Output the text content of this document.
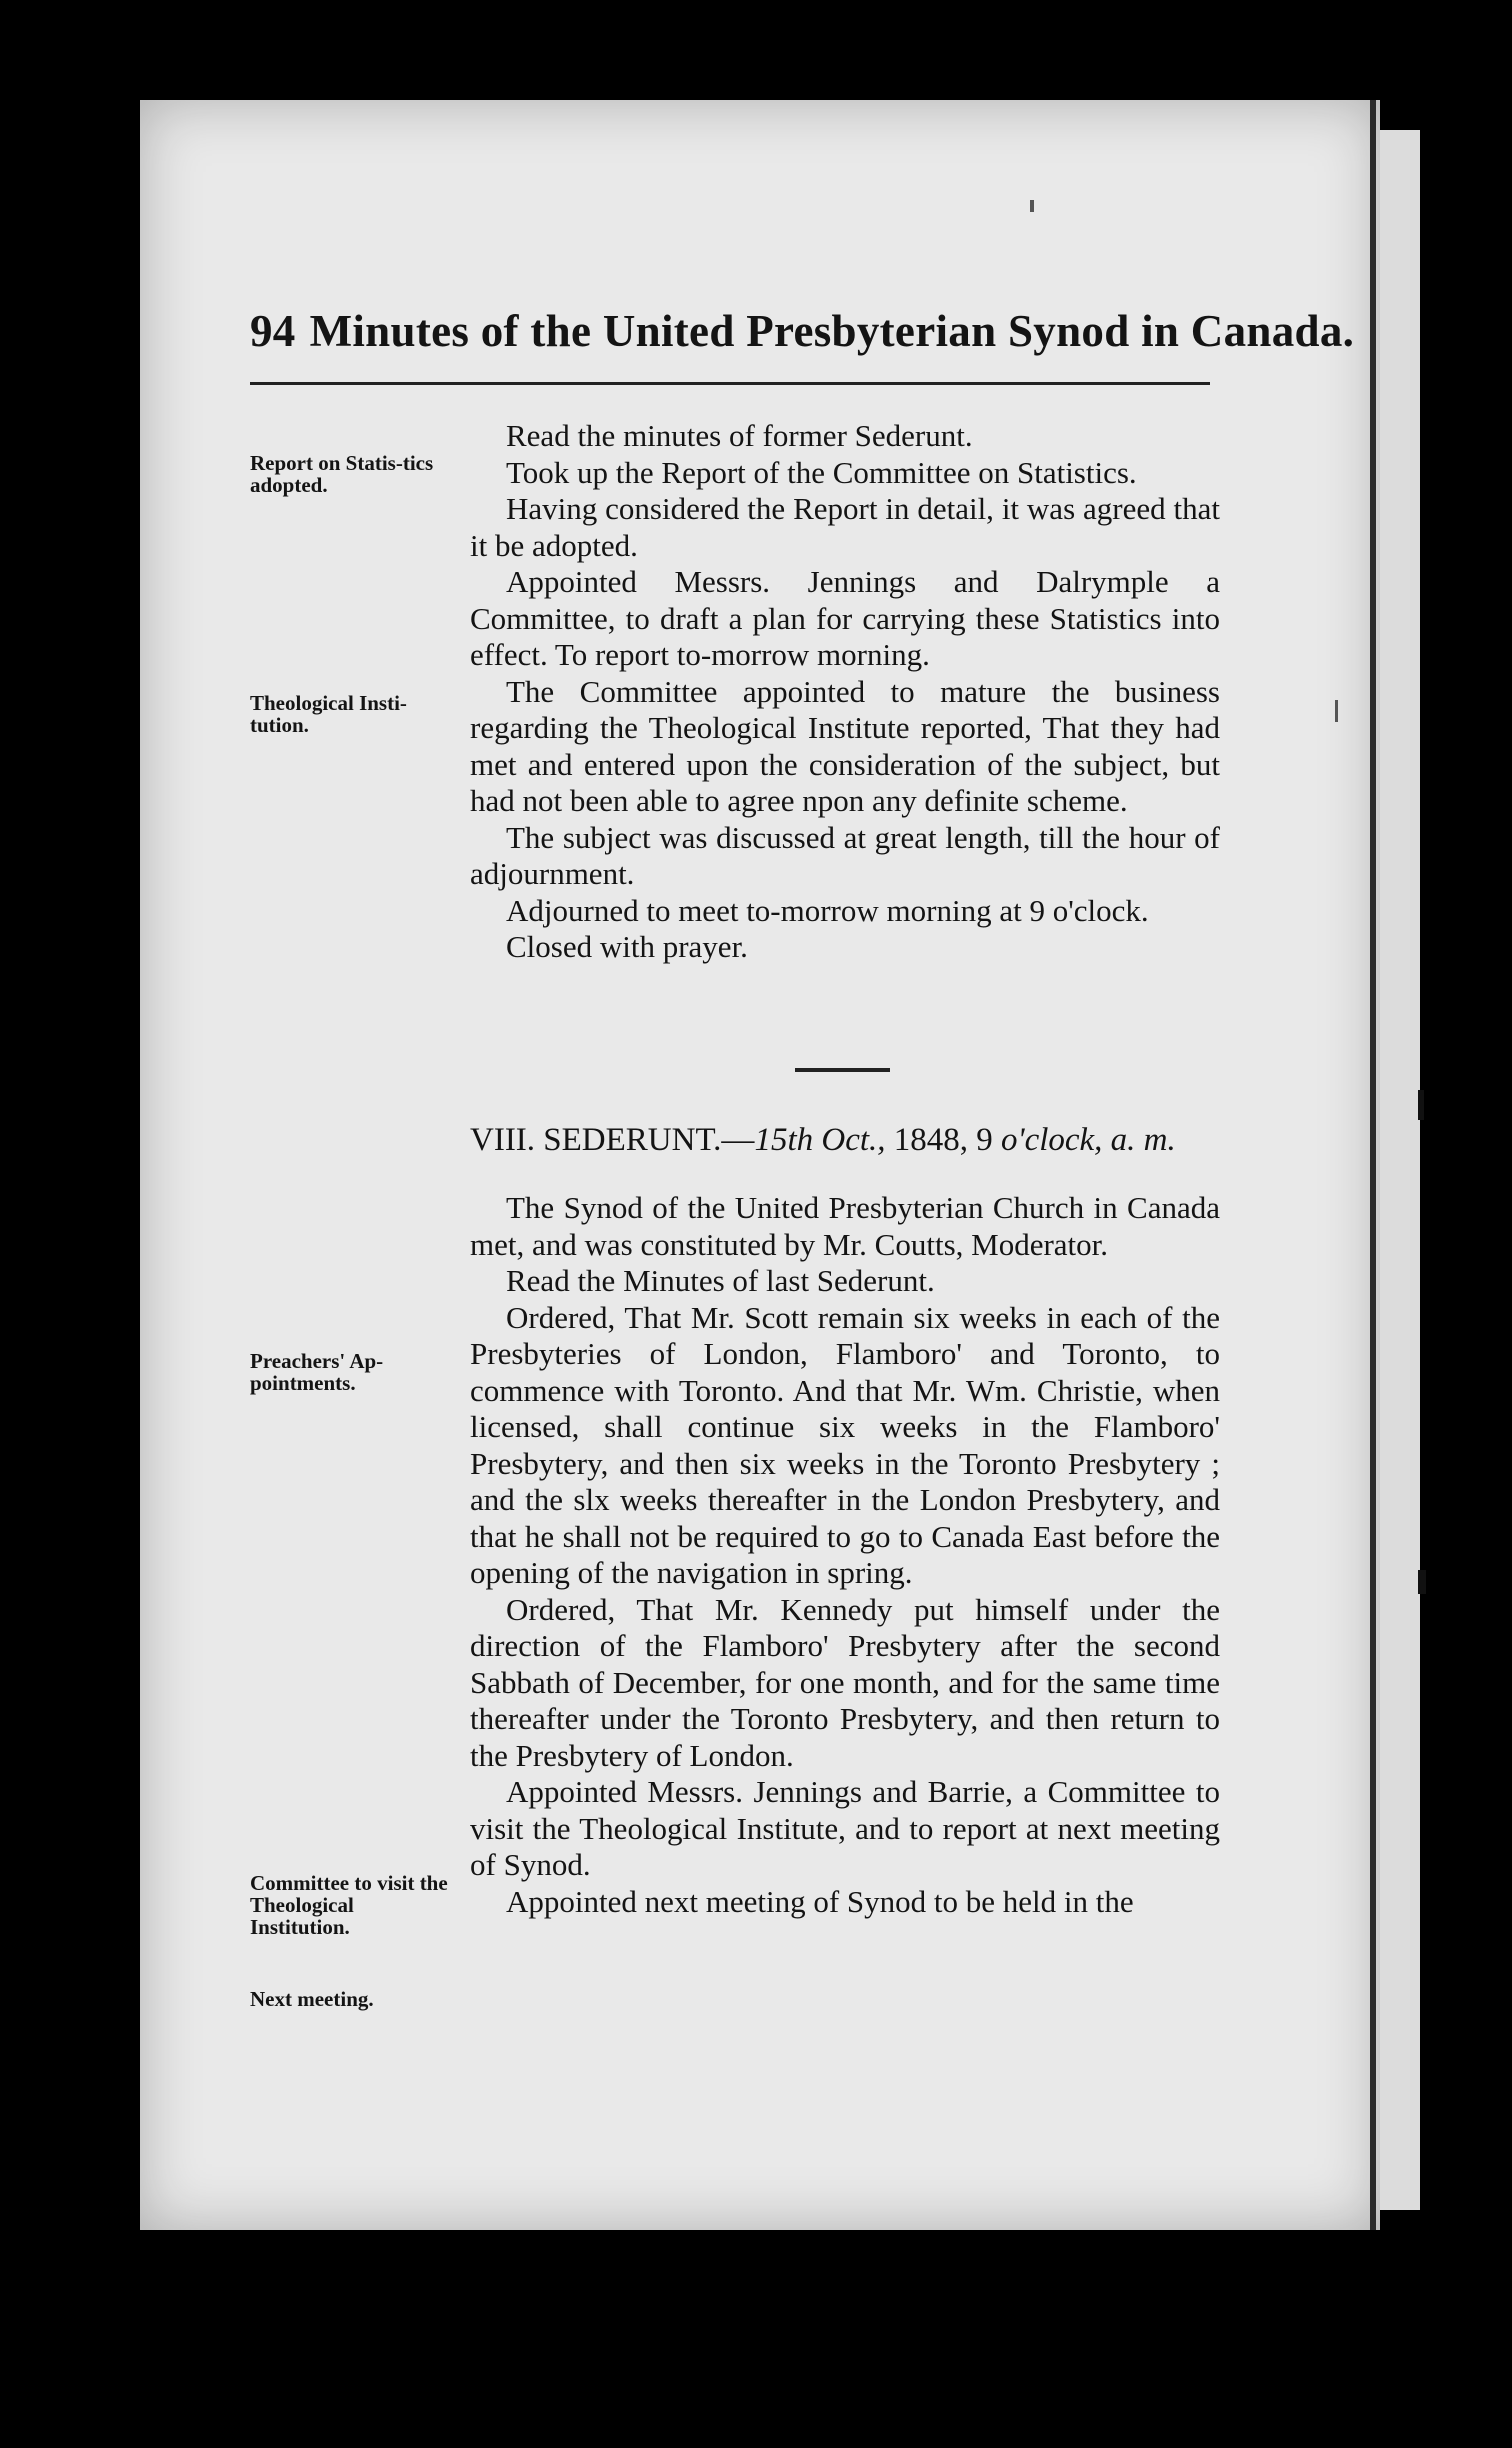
94 Minutes of the United Presbyterian Synod in Canada.
Report on Statis-tics adopted.
Theological Insti-tution.
Preachers' Ap-pointments.
Committee to visit the Theological Institution.
Next meeting.

Read the minutes of former Sederunt.

Took up the Report of the Committee on Statistics.

Having considered the Report in detail, it was agreed that it be adopted.

Appointed Messrs. Jennings and Dalrymple a Committee, to draft a plan for carrying these Statistics into effect. To report to-morrow morning.

The Committee appointed to mature the business regarding the Theological Institute reported, That they had met and entered upon the consideration of the subject, but had not been able to agree npon any definite scheme.

The subject was discussed at great length, till the hour of adjournment.

Adjourned to meet to-morrow morning at 9 o'clock.

Closed with prayer.

VIII. SEDERUNT.—15th Oct., 1848, 9 o'clock, a. m.

The Synod of the United Presbyterian Church in Canada met, and was constituted by Mr. Coutts, Moderator.

Read the Minutes of last Sederunt.

Ordered, That Mr. Scott remain six weeks in each of the Presbyteries of London, Flamboro' and Toronto, to commence with Toronto. And that Mr. Wm. Christie, when licensed, shall continue six weeks in the Flamboro' Presbytery, and then six weeks in the Toronto Presbytery ; and the slx weeks thereafter in the London Presbytery, and that he shall not be required to go to Canada East before the opening of the navigation in spring.

Ordered, That Mr. Kennedy put himself under the direction of the Flamboro' Presbytery after the second Sabbath of December, for one month, and for the same time thereafter under the Toronto Presbytery, and then return to the Presbytery of London.

Appointed Messrs. Jennings and Barrie, a Committee to visit the Theological Institute, and to report at next meeting of Synod.

Appointed next meeting of Synod to be held in the
